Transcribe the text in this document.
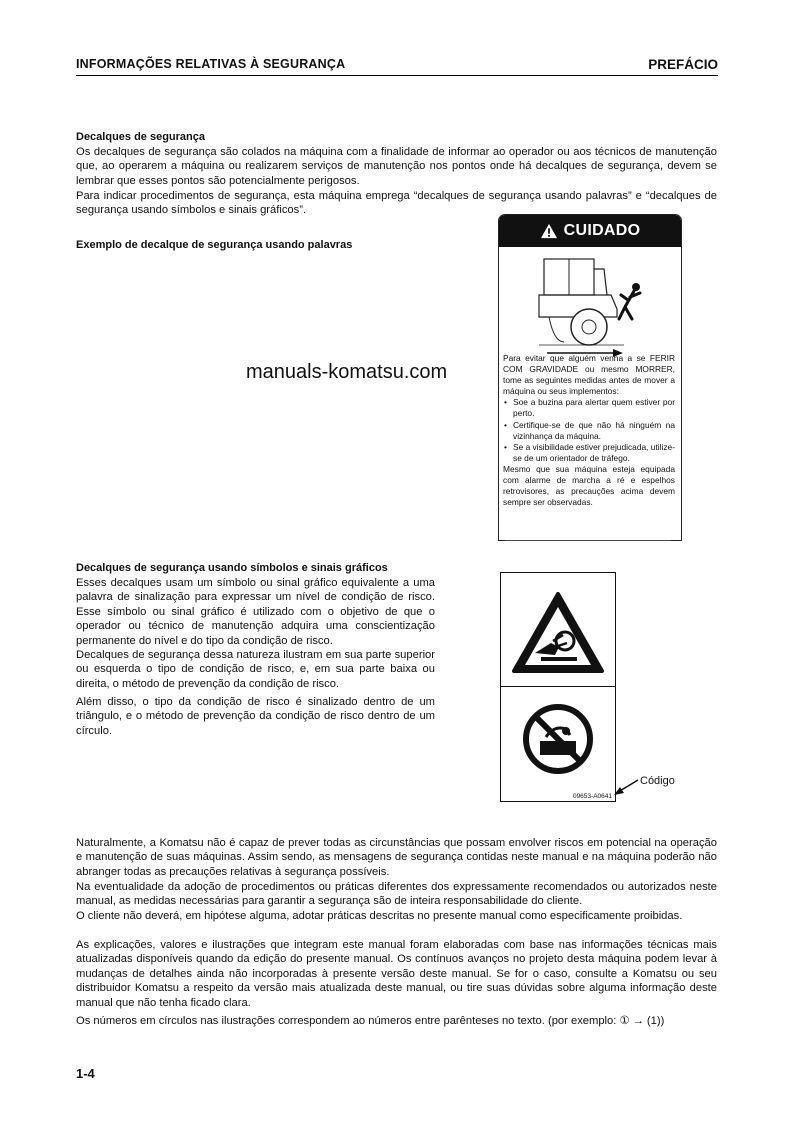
INFORMAÇÕES RELATIVAS À SEGURANÇA	PREFÁCIO
Decalques de segurança

Os decalques de segurança são colados na máquina com a finalidade de informar ao operador ou aos técnicos de manutenção que, ao operarem a máquina ou realizarem serviços de manutenção nos pontos onde há decalques de segurança, devem se lembrar que esses pontos são potencialmente perigosos.

Para indicar procedimentos de segurança, esta máquina emprega “decalques de segurança usando palavras” e “decalques de segurança usando símbolos e sinais gráficos”.

Exemplo de decalque de segurança usando palavras
manuals-komatsu.com
CUIDADO

Para evitar que alguém venha a se FERIR COM GRAVIDADE ou mesmo MORRER, tome as seguintes medidas antes de mover a máquina ou seus implementos:

• Soe a buzina para alertar quem estiver por perto.
• Certifique-se de que não há ninguém na vizinhança da máquina.
• Se a visibilidade estiver prejudicada, utilize-se de um orientador de tráfego.

Mesmo que sua máquina esteja equipada com alarme de marcha a ré e espelhos retrovisores, as precauções acima devem sempre ser observadas.

Decalques de segurança usando símbolos e sinais gráficos

Esses decalques usam um símbolo ou sinal gráfico equivalente a uma palavra de sinalização para expressar um nível de condição de risco. Esse símbolo ou sinal gráfico é utilizado com o objetivo de que o operador ou técnico de manutenção adquira uma conscientização permanente do nível e do tipo da condição de risco.

Decalques de segurança dessa natureza ilustram em sua parte superior ou esquerda o tipo de condição de risco, e, em sua parte baixa ou direita, o método de prevenção da condição de risco.

Além disso, o tipo da condição de risco é sinalizado dentro de um triângulo, e o método de prevenção da condição de risco dentro de um círculo.

09653-A0641
Código

Naturalmente, a Komatsu não é capaz de prever todas as circunstâncias que possam envolver riscos em potencial na operação e manutenção de suas máquinas. Assim sendo, as mensagens de segurança contidas neste manual e na máquina poderão não abranger todas as precauções relativas à segurança possíveis.

Na eventualidade da adoção de procedimentos ou práticas diferentes dos expressamente recomendados ou autorizados neste manual, as medidas necessárias para garantir a segurança são de inteira responsabilidade do cliente.

O cliente não deverá, em hipótese alguma, adotar práticas descritas no presente manual como especificamente proibidas.

As explicações, valores e ilustrações que integram este manual foram elaboradas com base nas informações técnicas mais atualizadas disponíveis quando da edição do presente manual. Os contínuos avanços no projeto desta máquina podem levar à mudanças de detalhes ainda não incorporadas à presente versão deste manual. Se for o caso, consulte a Komatsu ou seu distribuidor Komatsu a respeito da versão mais atualizada deste manual, ou tire suas dúvidas sobre alguma informação deste manual que não tenha ficado clara.

Os números em círculos nas ilustrações correspondem ao números entre parênteses no texto. (por exemplo: ① → (1))

1-4
